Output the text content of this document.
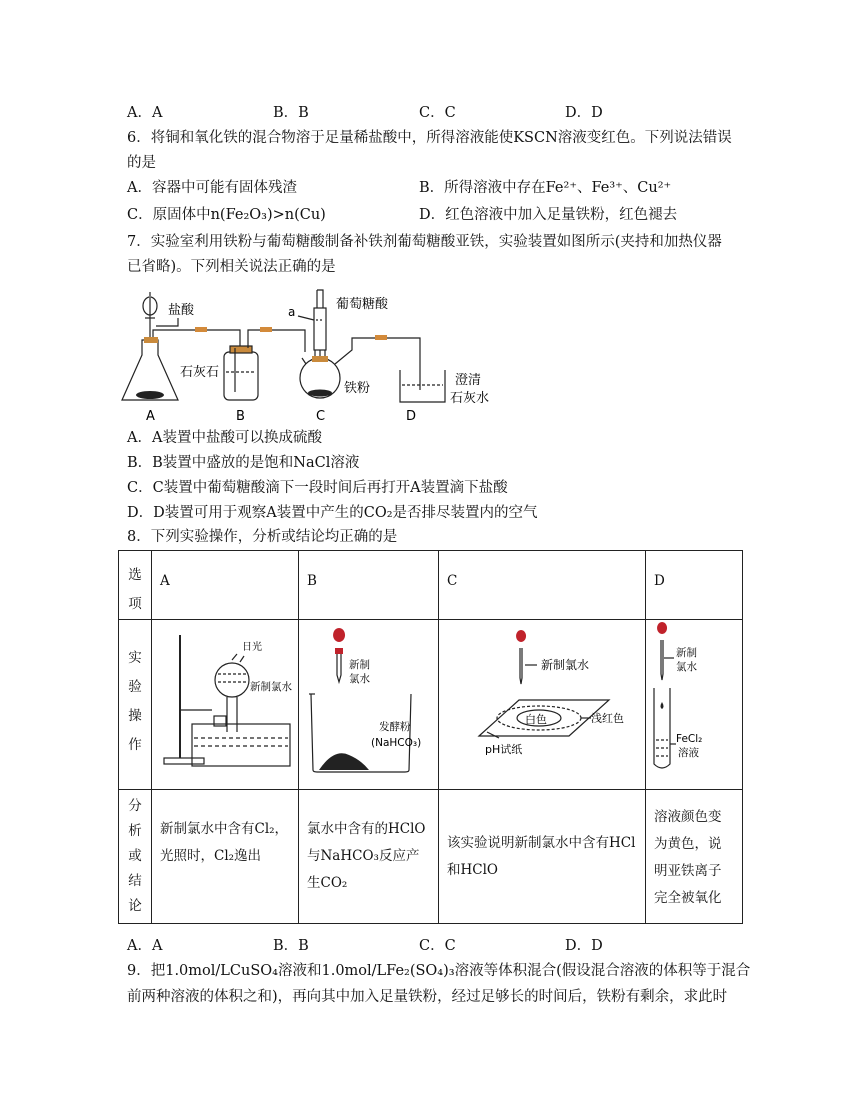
A．A	B．B	C．C	D．D
6．将铜和氧化铁的混合物溶于足量稀盐酸中，所得溶液能使KSCN溶液变红色。下列说法错误
的是
A．容器中可能有固体残渣	B．所得溶液中存在Fe²⁺、Fe³⁺、Cu²⁺
C．原固体中n(Fe₂O₃)>n(Cu)	D．红色溶液中加入足量铁粉，红色褪去
7．实验室利用铁粉与葡萄糖酸制备补铁剂葡萄糖酸亚铁，实验装置如图所示(夹持和加热仪器
已省略)。下列相关说法正确的是
盐酸
石灰石
a	葡萄糖酸
铁粉
澄清
石灰水
A	B	C	D
A．A装置中盐酸可以换成硫酸
B．B装置中盛放的是饱和NaCl溶液
C．C装置中葡萄糖酸滴下一段时间后再打开A装置滴下盐酸
D．D装置可用于观察A装置中产生的CO₂是否排尽装置内的空气
8．下列实验操作，分析或结论均正确的是
选
项	A	B	C	D

实
验
操
作	日光
新制氯水	新制
氯水
发酵粉
(NaHCO₃)	新制氯水
白色 浅红色
pH试纸	新制
氯水
FeCl₂
溶液

分
析
或
结
论	新制氯水中含有Cl₂，光照时，Cl₂逸出	氯水中含有的HClO与NaHCO₃反应产生CO₂	该实验说明新制氯水中含有HCl和HClO	溶液颜色变为黄色，说明亚铁离子完全被氧化
A．A	B．B	C．C	D．D
9．把1.0mol/LCuSO₄溶液和1.0mol/LFe₂(SO₄)₃溶液等体积混合(假设混合溶液的体积等于混合
前两种溶液的体积之和)，再向其中加入足量铁粉，经过足够长的时间后，铁粉有剩余，求此时
